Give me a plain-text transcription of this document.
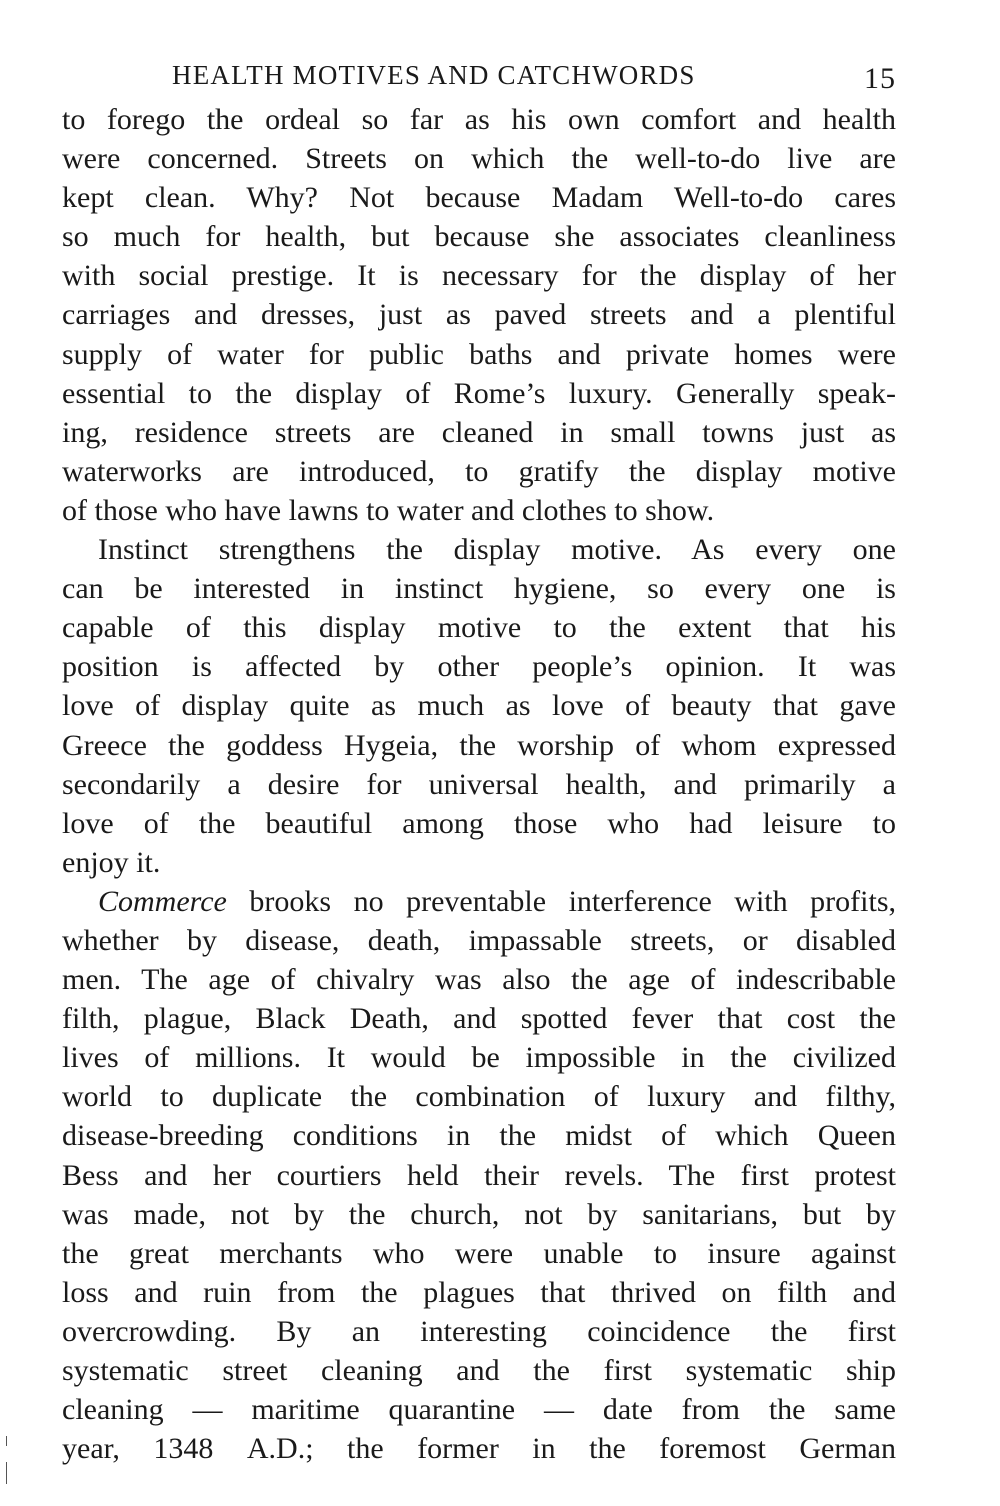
HEALTH MOTIVES AND CATCHWORDS	15
to forego the ordeal so far as his own comfort and health
were concerned. Streets on which the well-to-do live are
kept clean. Why? Not because Madam Well-to-do cares
so much for health, but because she associates cleanliness
with social prestige. It is necessary for the display of her
carriages and dresses, just as paved streets and a plentiful
supply of water for public baths and private homes were
essential to the display of Rome’s luxury. Generally speak-
ing, residence streets are cleaned in small towns just as
waterworks are introduced, to gratify the display motive
of those who have lawns to water and clothes to show.
Instinct strengthens the display motive. As every one
can be interested in instinct hygiene, so every one is
capable of this display motive to the extent that his
position is affected by other people’s opinion. It was
love of display quite as much as love of beauty that gave
Greece the goddess Hygeia, the worship of whom expressed
secondarily a desire for universal health, and primarily a
love of the beautiful among those who had leisure to
enjoy it.
Commerce brooks no preventable interference with profits,
whether by disease, death, impassable streets, or disabled
men. The age of chivalry was also the age of indescribable
filth, plague, Black Death, and spotted fever that cost the
lives of millions. It would be impossible in the civilized
world to duplicate the combination of luxury and filthy,
disease-breeding conditions in the midst of which Queen
Bess and her courtiers held their revels. The first protest
was made, not by the church, not by sanitarians, but by
the great merchants who were unable to insure against
loss and ruin from the plagues that thrived on filth and
overcrowding. By an interesting coincidence the first
systematic street cleaning and the first systematic ship
cleaning — maritime quarantine — date from the same
year, 1348 A.D.; the former in the foremost German
